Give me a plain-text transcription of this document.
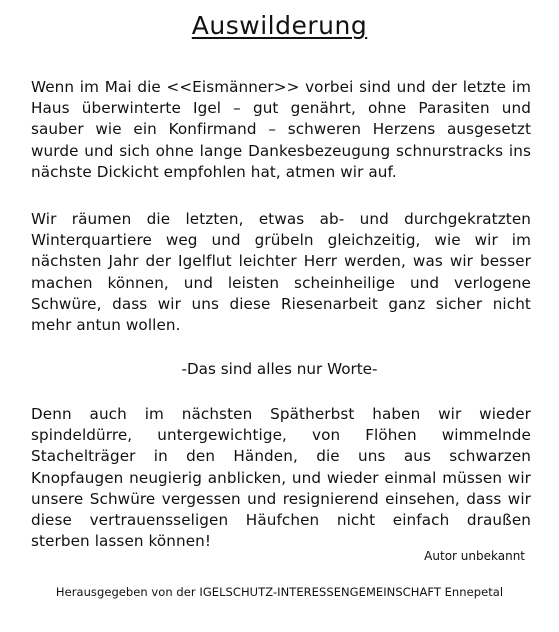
Auswilderung

Wenn im Mai die <<Eismänner>> vorbei sind und der letzte im Haus überwinterte Igel – gut genährt, ohne Parasiten und sauber wie ein Konfirmand – schweren Herzens ausgesetzt wurde und sich ohne lange Dankesbezeugung schnurstracks ins nächste Dickicht empfohlen hat, atmen wir auf.

Wir räumen die letzten, etwas ab- und durchgekratzten Winterquartiere weg und grübeln gleichzeitig, wie wir im nächsten Jahr der Igelflut leichter Herr werden, was wir besser machen können, und leisten scheinheilige und verlogene Schwüre, dass wir uns diese Riesenarbeit ganz sicher nicht mehr antun wollen.

-Das sind alles nur Worte-

Denn auch im nächsten Spätherbst haben wir wieder spindeldürre, untergewichtige, von Flöhen wimmelnde Stachelträger in den Händen, die uns aus schwarzen Knopfaugen neugierig anblicken, und wieder einmal müssen wir unsere Schwüre vergessen und resignierend einsehen, dass wir diese vertrauensseligen Häufchen nicht einfach draußen sterben lassen können!

Autor unbekannt
Herausgegeben von der IGELSCHUTZ-INTERESSENGEMEINSCHAFT Ennepetal
